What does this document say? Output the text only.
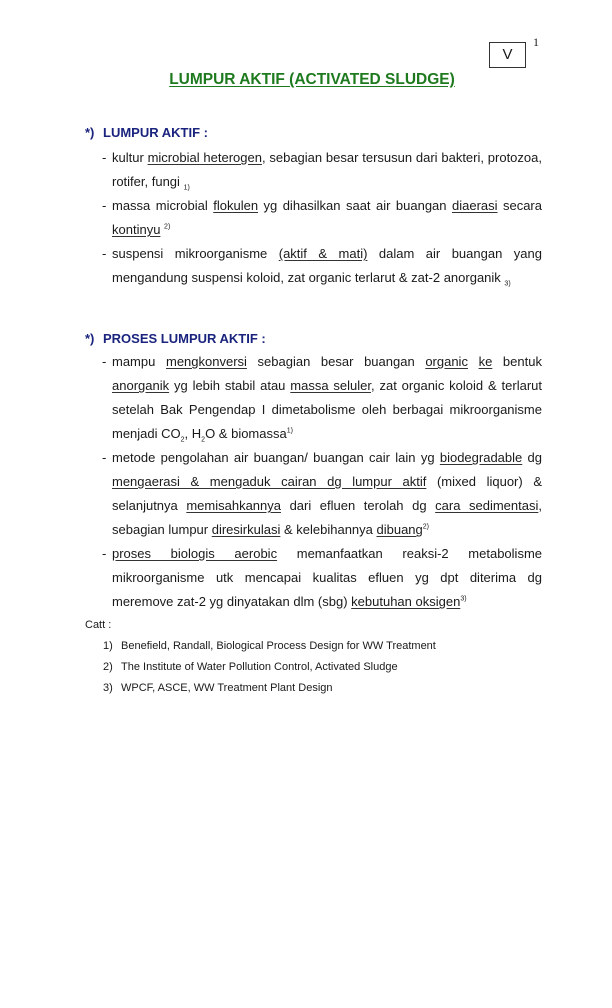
1
V
LUMPUR AKTIF (ACTIVATED SLUDGE)
*) LUMPUR AKTIF :
- kultur microbial heterogen, sebagian besar tersusun dari bakteri, protozoa, rotifer, fungi $_{1)}$
- massa microbial flokulen yg dihasilkan saat air buangan diaerasi secara kontinyu $^{2)}$
- suspensi mikroorganisme (aktif & mati) dalam air buangan yang mengandung suspensi koloid, zat organic terlarut & zat-2 anorganik $_{3)}$
*) PROSES LUMPUR AKTIF :
- mampu mengkonversi sebagian besar buangan organic ke bentuk anorganik yg lebih stabil atau massa seluler, zat organic koloid & terlarut setelah Bak Pengendap I dimetabolisme oleh berbagai mikroorganisme menjadi $CO_2$, $H_2O$ & biomassa$^{1)}$
- metode pengolahan air buangan/ buangan cair lain yg biodegradable dg mengaerasi & mengaduk cairan dg lumpur aktif (mixed liquor) & selanjutnya memisahkannya dari efluen terolah dg cara sedimentasi, sebagian lumpur diresirkulasi & kelebihannya dibuang$^{2)}$
- proses biologis aerobic memanfaatkan reaksi-2 metabolisme mikroorganisme utk mencapai kualitas efluen yg dpt diterima dg meremove zat-2 yg dinyatakan dlm (sbg) kebutuhan oksigen$^{3)}$
Catt :
1) Benefield, Randall, Biological Process Design for WW Treatment
2) The Institute of Water Pollution Control, Activated Sludge
3) WPCF, ASCE, WW Treatment Plant Design
